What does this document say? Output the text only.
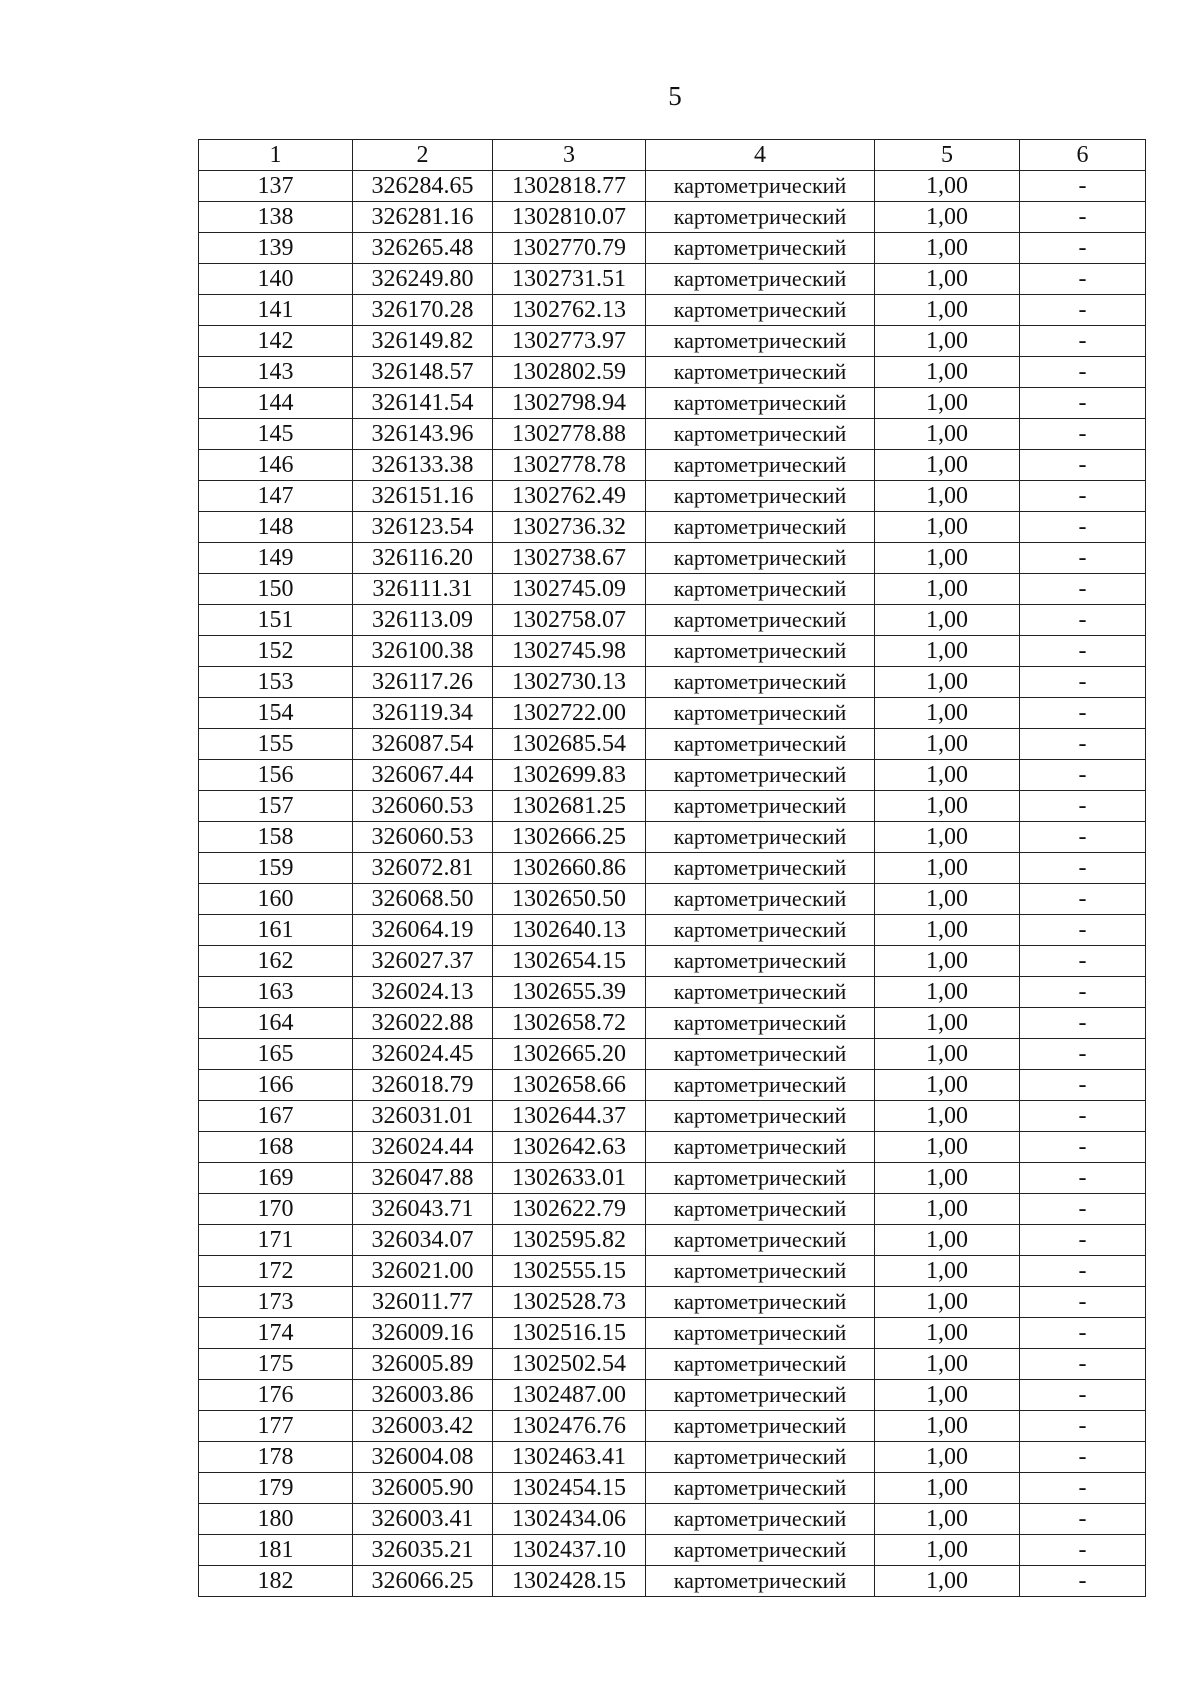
5
1	2	3	4	5	6
137	326284.65	1302818.77	картометрический	1,00	-
138	326281.16	1302810.07	картометрический	1,00	-
139	326265.48	1302770.79	картометрический	1,00	-
140	326249.80	1302731.51	картометрический	1,00	-
141	326170.28	1302762.13	картометрический	1,00	-
142	326149.82	1302773.97	картометрический	1,00	-
143	326148.57	1302802.59	картометрический	1,00	-
144	326141.54	1302798.94	картометрический	1,00	-
145	326143.96	1302778.88	картометрический	1,00	-
146	326133.38	1302778.78	картометрический	1,00	-
147	326151.16	1302762.49	картометрический	1,00	-
148	326123.54	1302736.32	картометрический	1,00	-
149	326116.20	1302738.67	картометрический	1,00	-
150	326111.31	1302745.09	картометрический	1,00	-
151	326113.09	1302758.07	картометрический	1,00	-
152	326100.38	1302745.98	картометрический	1,00	-
153	326117.26	1302730.13	картометрический	1,00	-
154	326119.34	1302722.00	картометрический	1,00	-
155	326087.54	1302685.54	картометрический	1,00	-
156	326067.44	1302699.83	картометрический	1,00	-
157	326060.53	1302681.25	картометрический	1,00	-
158	326060.53	1302666.25	картометрический	1,00	-
159	326072.81	1302660.86	картометрический	1,00	-
160	326068.50	1302650.50	картометрический	1,00	-
161	326064.19	1302640.13	картометрический	1,00	-
162	326027.37	1302654.15	картометрический	1,00	-
163	326024.13	1302655.39	картометрический	1,00	-
164	326022.88	1302658.72	картометрический	1,00	-
165	326024.45	1302665.20	картометрический	1,00	-
166	326018.79	1302658.66	картометрический	1,00	-
167	326031.01	1302644.37	картометрический	1,00	-
168	326024.44	1302642.63	картометрический	1,00	-
169	326047.88	1302633.01	картометрический	1,00	-
170	326043.71	1302622.79	картометрический	1,00	-
171	326034.07	1302595.82	картометрический	1,00	-
172	326021.00	1302555.15	картометрический	1,00	-
173	326011.77	1302528.73	картометрический	1,00	-
174	326009.16	1302516.15	картометрический	1,00	-
175	326005.89	1302502.54	картометрический	1,00	-
176	326003.86	1302487.00	картометрический	1,00	-
177	326003.42	1302476.76	картометрический	1,00	-
178	326004.08	1302463.41	картометрический	1,00	-
179	326005.90	1302454.15	картометрический	1,00	-
180	326003.41	1302434.06	картометрический	1,00	-
181	326035.21	1302437.10	картометрический	1,00	-
182	326066.25	1302428.15	картометрический	1,00	-
